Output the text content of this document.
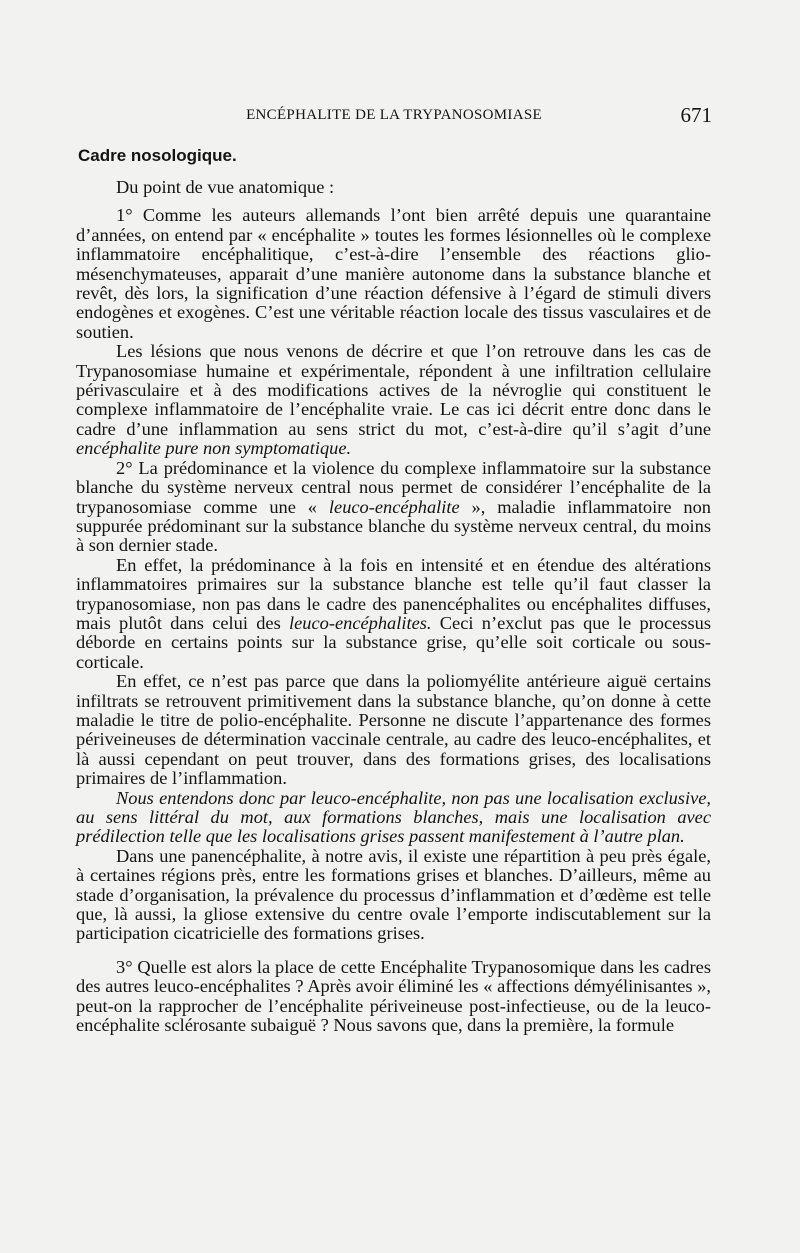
ENCÉPHALITE DE LA TRYPANOSOMIASE	671
Cadre nosologique.

Du point de vue anatomique :

1° Comme les auteurs allemands l’ont bien arrêté depuis une quarantaine d’années, on entend par « encéphalite » toutes les formes lésionnelles où le complexe inflammatoire encéphalitique, c’est-à-dire l’ensemble des réactions glio-mésenchymateuses, apparait d’une manière autonome dans la substance blanche et revêt, dès lors, la signification d’une réaction défensive à l’égard de stimuli divers endogènes et exogènes. C’est une véritable réaction locale des tissus vasculaires et de soutien.

Les lésions que nous venons de décrire et que l’on retrouve dans les cas de Trypanosomiase humaine et expérimentale, répondent à une infiltration cellulaire périvasculaire et à des modifications actives de la névroglie qui constituent le complexe inflammatoire de l’encéphalite vraie. Le cas ici décrit entre donc dans le cadre d’une inflammation au sens strict du mot, c’est-à-dire qu’il s’agit d’une encéphalite pure non symptomatique.

2° La prédominance et la violence du complexe inflammatoire sur la substance blanche du système nerveux central nous permet de considérer l’encéphalite de la trypanosomiase comme une « leuco-encéphalite », maladie inflammatoire non suppurée prédominant sur la substance blanche du système nerveux central, du moins à son dernier stade.

En effet, la prédominance à la fois en intensité et en étendue des altérations inflammatoires primaires sur la substance blanche est telle qu’il faut classer la trypanosomiase, non pas dans le cadre des panencéphalites ou encéphalites diffuses, mais plutôt dans celui des leuco-encéphalites. Ceci n’exclut pas que le processus déborde en certains points sur la substance grise, qu’elle soit corticale ou sous-corticale.

En effet, ce n’est pas parce que dans la poliomyélite antérieure aiguë certains infiltrats se retrouvent primitivement dans la substance blanche, qu’on donne à cette maladie le titre de polio-encéphalite. Personne ne discute l’appartenance des formes périveineuses de détermination vaccinale centrale, au cadre des leuco-encéphalites, et là aussi cependant on peut trouver, dans des formations grises, des localisations primaires de l’inflammation.

Nous entendons donc par leuco-encéphalite, non pas une localisation exclusive, au sens littéral du mot, aux formations blanches, mais une localisation avec prédilection telle que les localisations grises passent manifestement à l’autre plan.

Dans une panencéphalite, à notre avis, il existe une répartition à peu près égale, à certaines régions près, entre les formations grises et blanches. D’ailleurs, même au stade d’organisation, la prévalence du processus d’inflammation et d’œdème est telle que, là aussi, la gliose extensive du centre ovale l’emporte indiscutablement sur la participation cicatricielle des formations grises.

3° Quelle est alors la place de cette Encéphalite Trypanosomique dans les cadres des autres leuco-encéphalites ? Après avoir éliminé les « affections démyélinisantes », peut-on la rapprocher de l’encéphalite périveineuse post-infectieuse, ou de la leuco-encéphalite sclérosante subaiguë ? Nous savons que, dans la première, la formule
